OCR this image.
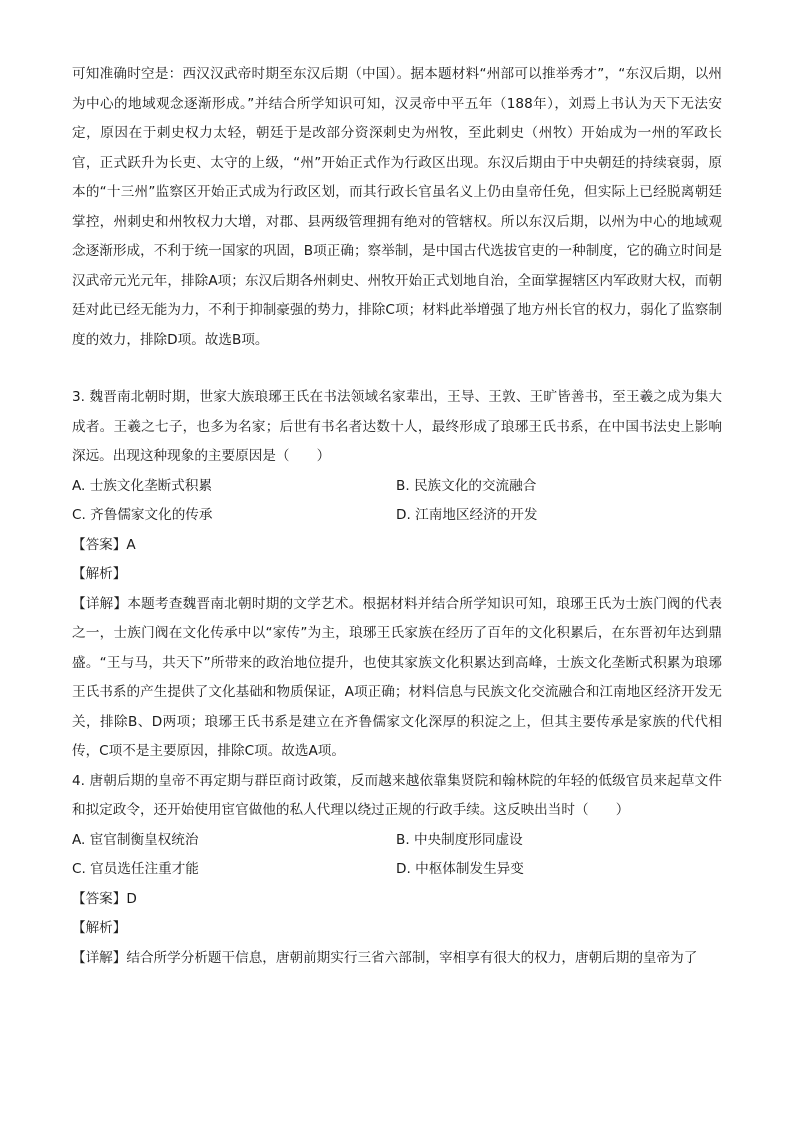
可知准确时空是：西汉汉武帝时期至东汉后期（中国）。据本题材料“州部可以推举秀才”，“东汉后期，以州为中心的地域观念逐渐形成。”并结合所学知识可知，汉灵帝中平五年（188年），刘焉上书认为天下无法安定，原因在于刺史权力太轻，朝廷于是改部分资深刺史为州牧，至此刺史（州牧）开始成为一州的军政长官，正式跃升为长吏、太守的上级，“州”开始正式作为行政区出现。东汉后期由于中央朝廷的持续衰弱，原本的“十三州”监察区开始正式成为行政区划，而其行政长官虽名义上仍由皇帝任免，但实际上已经脱离朝廷掌控，州刺史和州牧权力大增，对郡、县两级管理拥有绝对的管辖权。所以东汉后期，以州为中心的地域观念逐渐形成，不利于统一国家的巩固，B项正确；察举制，是中国古代选拔官吏的一种制度，它的确立时间是汉武帝元光元年，排除A项；东汉后期各州刺史、州牧开始正式划地自治，全面掌握辖区内军政财大权，而朝廷对此已经无能为力，不利于抑制豪强的势力，排除C项；材料此举增强了地方州长官的权力，弱化了监察制度的效力，排除D项。故选B项。

3. 魏晋南北朝时期，世家大族琅琊王氏在书法领域名家辈出，王导、王敦、王旷皆善书，至王羲之成为集大成者。王羲之七子，也多为名家；后世有书名者达数十人，最终形成了琅琊王氏书系，在中国书法史上影响深远。出现这种现象的主要原因是（　　）

A. 士族文化垄断式积累	B. 民族文化的交流融合
C. 齐鲁儒家文化的传承	D. 江南地区经济的开发

【答案】A

【解析】

【详解】本题考查魏晋南北朝时期的文学艺术。根据材料并结合所学知识可知，琅琊王氏为士族门阀的代表之一，士族门阀在文化传承中以“家传”为主，琅琊王氏家族在经历了百年的文化积累后，在东晋初年达到鼎盛。“王与马，共天下”所带来的政治地位提升，也使其家族文化积累达到高峰，士族文化垄断式积累为琅琊王氏书系的产生提供了文化基础和物质保证，A项正确；材料信息与民族文化交流融合和江南地区经济开发无关，排除B、D两项；琅琊王氏书系是建立在齐鲁儒家文化深厚的积淀之上，但其主要传承是家族的代代相传，C项不是主要原因，排除C项。故选A项。

4. 唐朝后期的皇帝不再定期与群臣商讨政策，反而越来越依靠集贤院和翰林院的年轻的低级官员来起草文件和拟定政令，还开始使用宦官做他的私人代理以绕过正规的行政手续。这反映出当时（　　）

A. 宦官制衡皇权统治	B. 中央制度形同虚设
C. 官员选任注重才能	D. 中枢体制发生异变

【答案】D

【解析】

【详解】结合所学分析题干信息，唐朝前期实行三省六部制，宰相享有很大的权力，唐朝后期的皇帝为了
